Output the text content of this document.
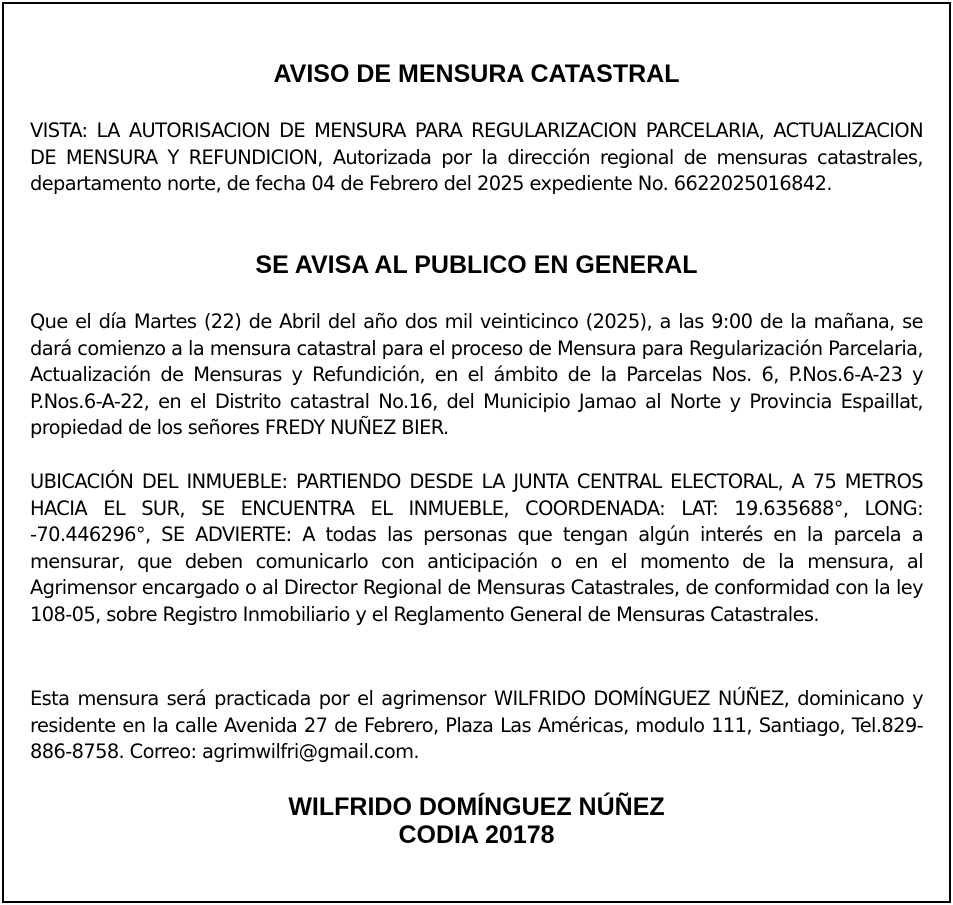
AVISO DE MENSURA CATASTRAL

VISTA: LA AUTORISACION DE MENSURA PARA REGULARIZACION PARCELARIA, ACTUALIZACION DE MENSURA Y REFUNDICION, Autorizada por la dirección regional de mensuras catastrales, departamento norte, de fecha 04 de Febrero del 2025 expediente No. 6622025016842.

SE AVISA AL PUBLICO EN GENERAL

Que el día Martes (22) de Abril del año dos mil veinticinco (2025), a las 9:00 de la mañana, se dará comienzo a la mensura catastral para el proceso de Mensura para Regularización Parcelaria, Actualización de Mensuras y Refundición, en el ámbito de la Parcelas Nos. 6, P.Nos.6-A-23 y P.Nos.6-A-22, en el Distrito catastral No.16, del Municipio Jamao al Norte y Provincia Espaillat, propiedad de los señores FREDY NUÑEZ BIER.

UBICACIÓN DEL INMUEBLE: PARTIENDO DESDE LA JUNTA CENTRAL ELECTORAL, A 75 METROS HACIA EL SUR, SE ENCUENTRA EL INMUEBLE, COORDENADA: LAT: 19.635688°, LONG: -70.446296°, SE ADVIERTE: A todas las personas que tengan algún interés en la parcela a mensurar, que deben comunicarlo con anticipación o en el momento de la mensura, al Agrimensor encargado o al Director Regional de Mensuras Catastrales, de conformidad con la ley 108-05, sobre Registro Inmobiliario y el Reglamento General de Mensuras Catastrales.

Esta mensura será practicada por el agrimensor WILFRIDO DOMÍNGUEZ NÚÑEZ, dominicano y residente en la calle Avenida 27 de Febrero, Plaza Las Américas, modulo 111, Santiago, Tel.829-886-8758. Correo: agrimwilfri@gmail.com.

WILFRIDO DOMÍNGUEZ NÚÑEZ
CODIA 20178
